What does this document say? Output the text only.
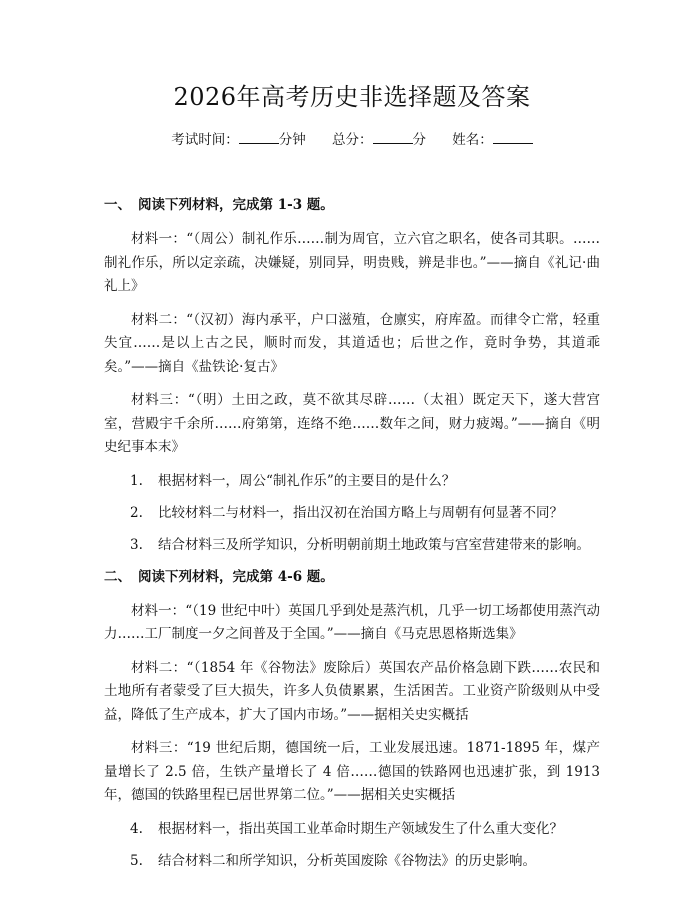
2026年高考历史非选择题及答案
考试时间：	分钟 总分：	分 姓名：
一、 阅读下列材料，完成第 1-3 题。

材料一：“（周公）制礼作乐……制为周官，立六官之职名，使各司其职。……制礼作乐，所以定亲疏，决嫌疑，别同异，明贵贱，辨是非也。”——摘自《礼记·曲礼上》

材料二：“（汉初）海内承平，户口滋殖，仓廪实，府库盈。而律令亡常，轻重失宜……是以上古之民，顺时而发，其道适也；后世之作，竟时争势，其道乖矣。”——摘自《盐铁论·复古》

材料三：“（明）土田之政，莫不欲其尽辟……（太祖）既定天下，遂大营宫室，营殿宇千余所……府第第，连络不绝……数年之间，财力疲竭。”——摘自《明史纪事本末》

1. 根据材料一，周公“制礼作乐”的主要目的是什么？
2. 比较材料二与材料一，指出汉初在治国方略上与周朝有何显著不同？
3. 结合材料三及所学知识，分析明朝前期土地政策与宫室营建带来的影响。
二、 阅读下列材料，完成第 4-6 题。

材料一：“（19 世纪中叶）英国几乎到处是蒸汽机，几乎一切工场都使用蒸汽动力……工厂制度一夕之间普及于全国。”——摘自《马克思恩格斯选集》

材料二：“（1854 年《谷物法》废除后）英国农产品价格急剧下跌……农民和土地所有者蒙受了巨大损失，许多人负债累累，生活困苦。工业资产阶级则从中受益，降低了生产成本，扩大了国内市场。”——据相关史实概括

材料三：“19 世纪后期，德国统一后，工业发展迅速。1871-1895 年，煤产量增长了 2.5 倍，生铁产量增长了 4 倍……德国的铁路网也迅速扩张，到 1913 年，德国的铁路里程已居世界第二位。”——据相关史实概括

4. 根据材料一，指出英国工业革命时期生产领域发生了什么重大变化？
5. 结合材料二和所学知识，分析英国废除《谷物法》的历史影响。
